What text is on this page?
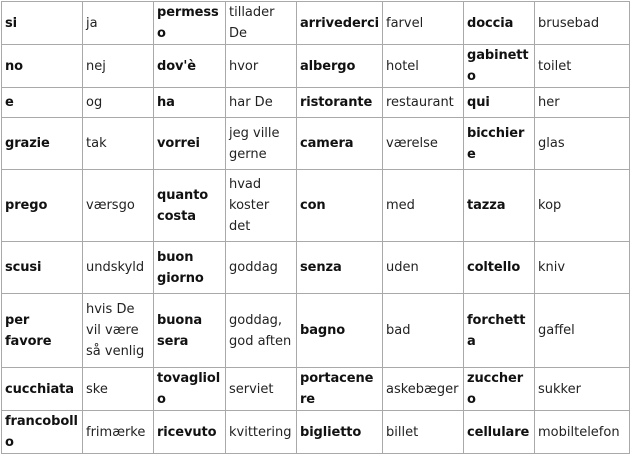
si	ja	permesso	tillader De	arrivederci	farvel	doccia	brusebad
no	nej	dov'è	hvor	albergo	hotel	gabinetto	toilet
e	og	ha	har De	ristorante	restaurant	qui	her
grazie	tak	vorrei	jeg ville gerne	camera	værelse	bicchiere	glas
prego	værsgo	quanto costa	hvad koster det	con	med	tazza	kop
scusi	undskyld	buon giorno	goddag	senza	uden	coltello	kniv
per favore	hvis De vil være så venlig	buona sera	goddag, god aften	bagno	bad	forchetta	gaffel
cucchiata	ske	tovagliolo	serviet	portacenere	askebæger	zucchero	sukker
francobollo	frimærke	ricevuto	kvittering	biglietto	billet	cellulare	mobiltelefon
